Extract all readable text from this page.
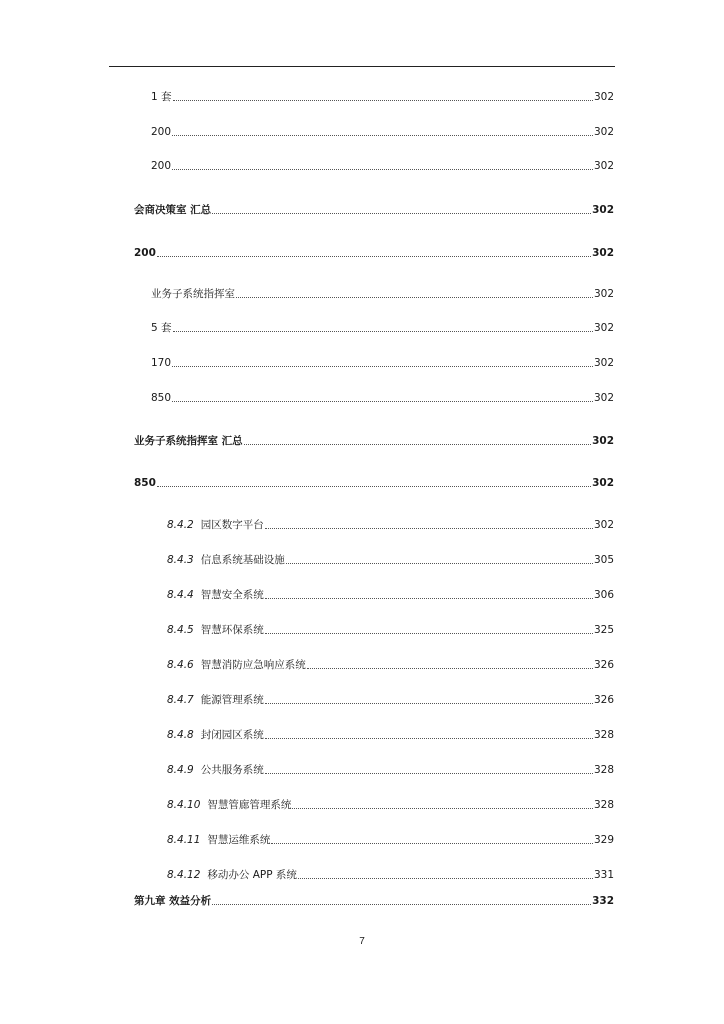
1 套	302
200	302
200	302
会商决策室 汇总	302
200	302
业务子系统指挥室	302
5 套	302
170	302
850	302
业务子系统指挥室 汇总	302
850	302
8.4.2 园区数字平台	302
8.4.3 信息系统基础设施	305
8.4.4 智慧安全系统	306
8.4.5 智慧环保系统	325
8.4.6 智慧消防应急响应系统	326
8.4.7 能源管理系统	326
8.4.8 封闭园区系统	328
8.4.9 公共服务系统	328
8.4.10 智慧管廊管理系统	328
8.4.11 智慧运维系统	329
8.4.12 移动办公 APP 系统	331
第九章 效益分析	332
7
